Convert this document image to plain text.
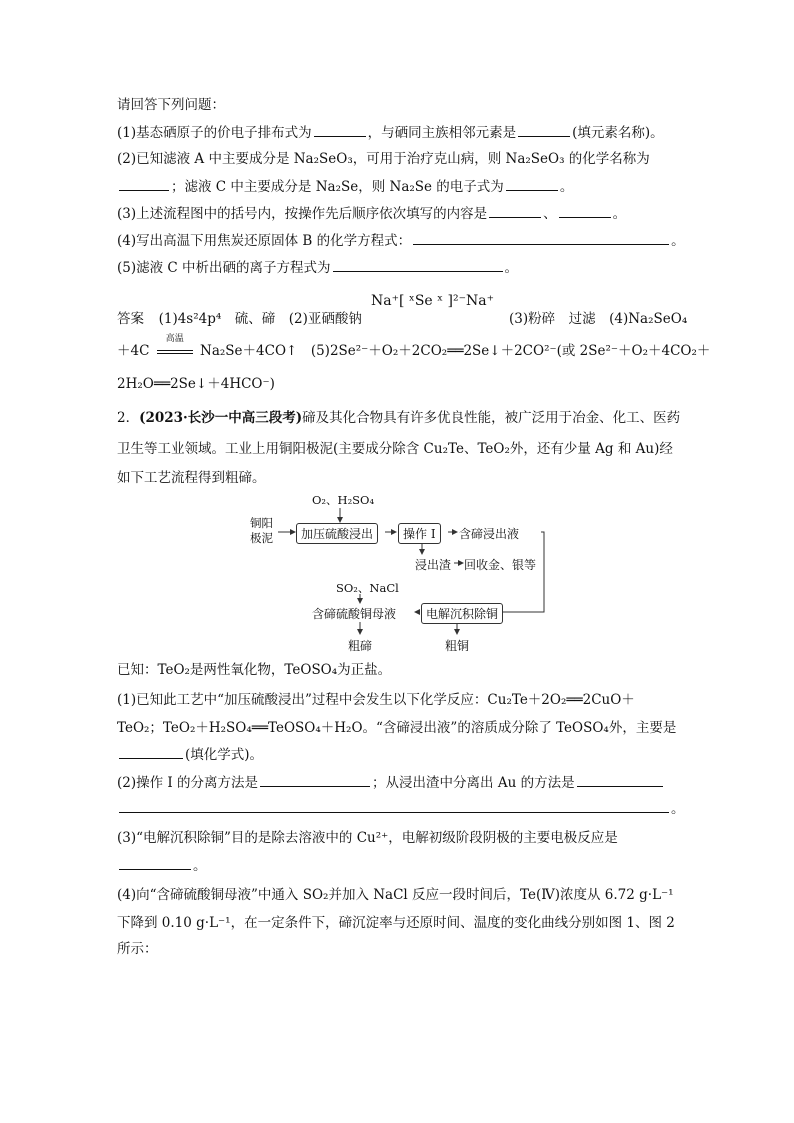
请回答下列问题：
(1)基态硒原子的价电子排布式为	，与硒同主族相邻元素是	(填元素名称)。
(2)已知滤液 A 中主要成分是 Na₂SeO₃，可用于治疗克山病，则 Na₂SeO₃ 的化学名称为
；滤液 C 中主要成分是 Na₂Se，则 Na₂Se 的电子式为	。
(3)上述流程图中的括号内，按操作先后顺序依次填写的内容是	、	。
(4)写出高温下用焦炭还原固体 B 的化学方程式：	。
(5)滤液 C 中析出硒的离子方程式为	。
答案 (1)4s²4p⁴　硫、碲　(2)亚硒酸钠
Na⁺[ ˣSe ˣ ]²⁻Na⁺
(3)粉碎　过滤　(4)Na₂SeO₄
＋4C
高温
Na₂Se＋4CO↑　(5)2Se²⁻＋O₂＋2CO₂══2Se↓＋2CO²⁻(或 2Se²⁻＋O₂＋4CO₂＋
2H₂O══2Se↓＋4HCO⁻)
2．(2023·长沙一中高三段考)碲及其化合物具有许多优良性能，被广泛用于冶金、化工、医药
卫生等工业领域。工业上用铜阳极泥(主要成分除含 Cu₂Te、TeO₂外，还有少量 Ag 和 Au)经
如下工艺流程得到粗碲。
铜阳
极泥
O₂、H₂SO₄
加压硫酸浸出	操作 I	含碲浸出液
浸出渣 回收金、银等
SO₂、NaCl
含碲硫酸铜母液	电解沉积除铜
粗碲	粗铜
已知：TeO₂是两性氧化物，TeOSO₄为正盐。
(1)已知此工艺中“加压硫酸浸出”过程中会发生以下化学反应：Cu₂Te＋2O₂══2CuO＋
TeO₂；TeO₂＋H₂SO₄══TeOSO₄＋H₂O。“含碲浸出液”的溶质成分除了 TeOSO₄外，主要是
(填化学式)。
(2)操作 I 的分离方法是	；从浸出渣中分离出 Au 的方法是
。
(3)“电解沉积除铜”目的是除去溶液中的 Cu²⁺，电解初级阶段阴极的主要电极反应是
。
(4)向“含碲硫酸铜母液”中通入 SO₂并加入 NaCl 反应一段时间后，Te(Ⅳ)浓度从 6.72 g·L⁻¹
下降到 0.10 g·L⁻¹，在一定条件下，碲沉淀率与还原时间、温度的变化曲线分别如图 1、图 2
所示：
